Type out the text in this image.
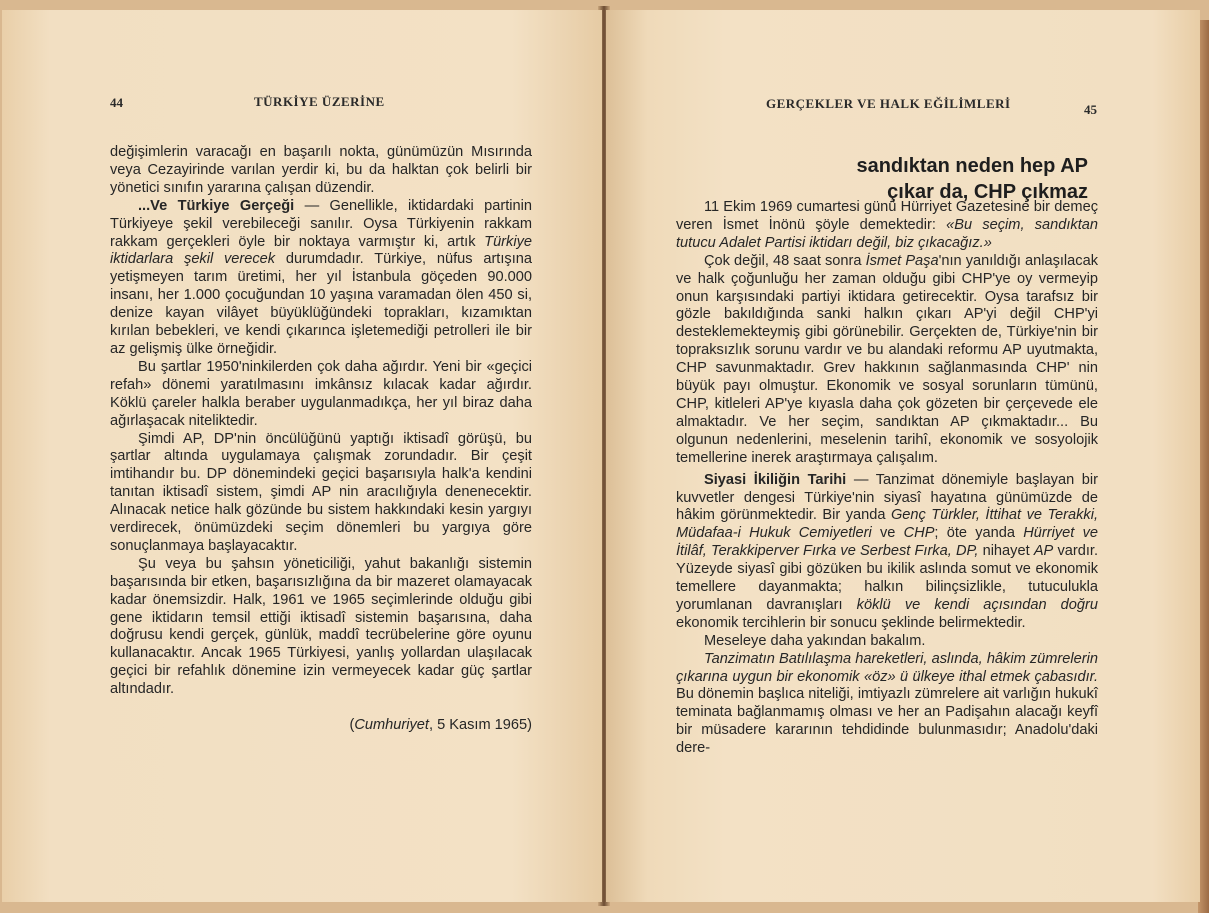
44	TÜRKİYE ÜZERİNE

değişimlerin varacağı en başarılı nokta, günümüzün Mısırında veya Cezayirinde varılan yerdir ki, bu da halktan çok belirli bir yönetici sınıfın yararına çalışan düzendir.

...Ve Türkiye Gerçeği — Genellikle, iktidardaki partinin Türkiyeye şekil verebileceği sanılır. Oysa Türkiyenin rakkam rakkam gerçekleri öyle bir noktaya varmıştır ki, artık Türkiye iktidarlara şekil verecek durumdadır. Türkiye, nüfus artışına yetişmeyen tarım üretimi, her yıl İstanbula göçeden 90.000 insanı, her 1.000 çocuğundan 10 yaşına varamadan ölen 450 si, denize kayan vilâyet büyüklüğündeki toprakları, kızamıktan kırılan bebekleri, ve kendi çıkarınca işletemediği petrolleri ile bir az gelişmiş ülke örneğidir.

Bu şartlar 1950'ninkilerden çok daha ağırdır. Yeni bir «geçici refah» dönemi yaratılmasını imkânsız kılacak kadar ağırdır. Köklü çareler halkla beraber uygulanmadıkça, her yıl biraz daha ağırlaşacak niteliktedir.

Şimdi AP, DP'nin öncülüğünü yaptığı iktisadî görüşü, bu şartlar altında uygulamaya çalışmak zorundadır. Bir çeşit imtihandır bu. DP dönemindeki geçici başarısıyla halk'a kendini tanıtan iktisadî sistem, şimdi AP nin aracılığıyla denenecektir. Alınacak netice halk gözünde bu sistem hakkındaki kesin yargıyı verdirecek, önümüzdeki seçim dönemleri bu yargıya göre sonuçlanmaya başlayacaktır.

Şu veya bu şahsın yöneticiliği, yahut bakanlığı sistemin başarısında bir etken, başarısızlığına da bir mazeret olamayacak kadar önemsizdir. Halk, 1961 ve 1965 seçimlerinde olduğu gibi gene iktidarın temsil ettiği iktisadî sistemin başarısına, daha doğrusu kendi gerçek, günlük, maddî tecrübelerine göre oyunu kullanacaktır. Ancak 1965 Türkiyesi, yanlış yollardan ulaşılacak geçici bir refahlık dönemine izin vermeyecek kadar güç şartlar altındadır.

(Cumhuriyet, 5 Kasım 1965)

GERÇEKLER VE HALK EĞİLİMLERİ	45
sandıktan neden hep AP
çıkar da, CHP çıkmaz

11 Ekim 1969 cumartesi günü Hürriyet Gazetesine bir demeç veren İsmet İnönü şöyle demektedir: «Bu seçim, sandıktan tutucu Adalet Partisi iktidarı değil, biz çıkacağız.»

Çok değil, 48 saat sonra İsmet Paşa'nın yanıldığı anlaşılacak ve halk çoğunluğu her zaman olduğu gibi CHP'ye oy vermeyip onun karşısındaki partiyi iktidara getirecektir. Oysa tarafsız bir gözle bakıldığında sanki halkın çıkarı AP'yi değil CHP'yi desteklemekteymiş gibi görünebilir. Gerçekten de, Türkiye'nin bir topraksızlık sorunu vardır ve bu alandaki reformu AP uyutmakta, CHP savunmaktadır. Grev hakkının sağlanmasında CHP' nin büyük payı olmuştur. Ekonomik ve sosyal sorunların tümünü, CHP, kitleleri AP'ye kıyasla daha çok gözeten bir çerçevede ele almaktadır. Ve her seçim, sandıktan AP çıkmaktadır... Bu olgunun nedenlerini, meselenin tarihî, ekonomik ve sosyolojik temellerine inerek araştırmaya çalışalım.

Siyasi İkiliğin Tarihi — Tanzimat dönemiyle başlayan bir kuvvetler dengesi Türkiye'nin siyasî hayatına günümüzde de hâkim görünmektedir. Bir yanda Genç Türkler, İttihat ve Terakki, Müdafaa-i Hukuk Cemiyetleri ve CHP; öte yanda Hürriyet ve İtilâf, Terakkiperver Fırka ve Serbest Fırka, DP, nihayet AP vardır. Yüzeyde siyasî gibi gözüken bu ikilik aslında somut ve ekonomik temellere dayanmakta; halkın bilinçsizlikle, tutuculukla yorumlanan davranışları köklü ve kendi açısından doğru ekonomik tercihlerin bir sonucu şeklinde belirmektedir.

Meseleye daha yakından bakalım.

Tanzimatın Batılılaşma hareketleri, aslında, hâkim zümrelerin çıkarına uygun bir ekonomik «öz» ü ülkeye ithal etmek çabasıdır. Bu dönemin başlıca niteliği, imtiyazlı zümrelere ait varlığın hukukî teminata bağlanmamış olması ve her an Padişahın alacağı keyfî bir müsadere kararının tehdidinde bulunmasıdır; Anadolu'daki dere-
